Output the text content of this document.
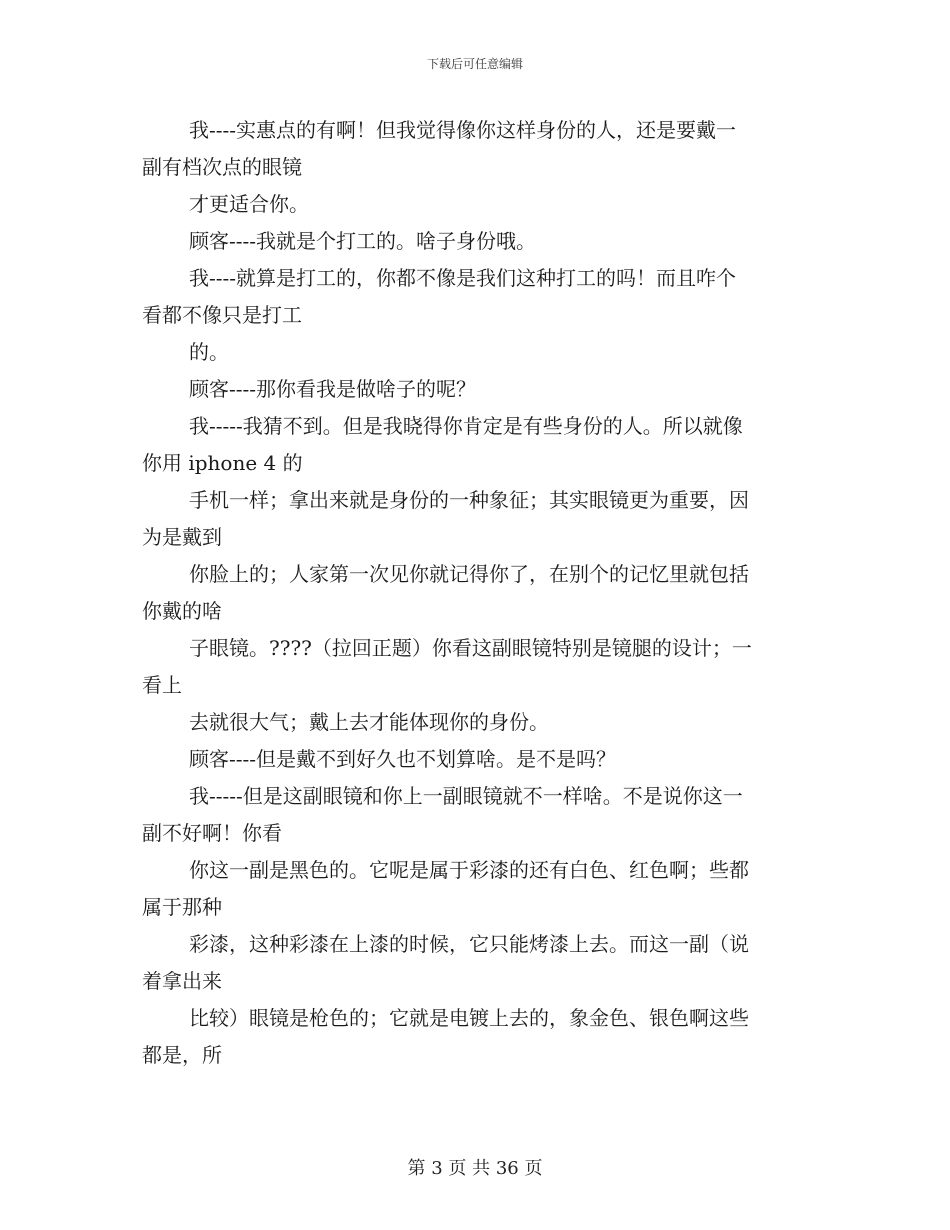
下载后可任意编辑
我----实惠点的有啊！但我觉得像你这样身份的人，还是要戴一
副有档次点的眼镜
才更适合你。
顾客----我就是个打工的。啥子身份哦。
我----就算是打工的，你都不像是我们这种打工的吗！而且咋个
看都不像只是打工
的。
顾客----那你看我是做啥子的呢？
我-----我猜不到。但是我晓得你肯定是有些身份的人。所以就像
你用 iphone 4 的
手机一样；拿出来就是身份的一种象征；其实眼镜更为重要，因
为是戴到
你脸上的；人家第一次见你就记得你了，在别个的记忆里就包括
你戴的啥
子眼镜。????（拉回正题）你看这副眼镜特别是镜腿的设计；一
看上
去就很大气；戴上去才能体现你的身份。
顾客----但是戴不到好久也不划算啥。是不是吗？
我-----但是这副眼镜和你上一副眼镜就不一样啥。不是说你这一
副不好啊！你看
你这一副是黑色的。它呢是属于彩漆的还有白色、红色啊；些都
属于那种
彩漆，这种彩漆在上漆的时候，它只能烤漆上去。而这一副（说
着拿出来
比较）眼镜是枪色的；它就是电镀上去的，象金色、银色啊这些
都是，所
第 3 页 共 36 页
